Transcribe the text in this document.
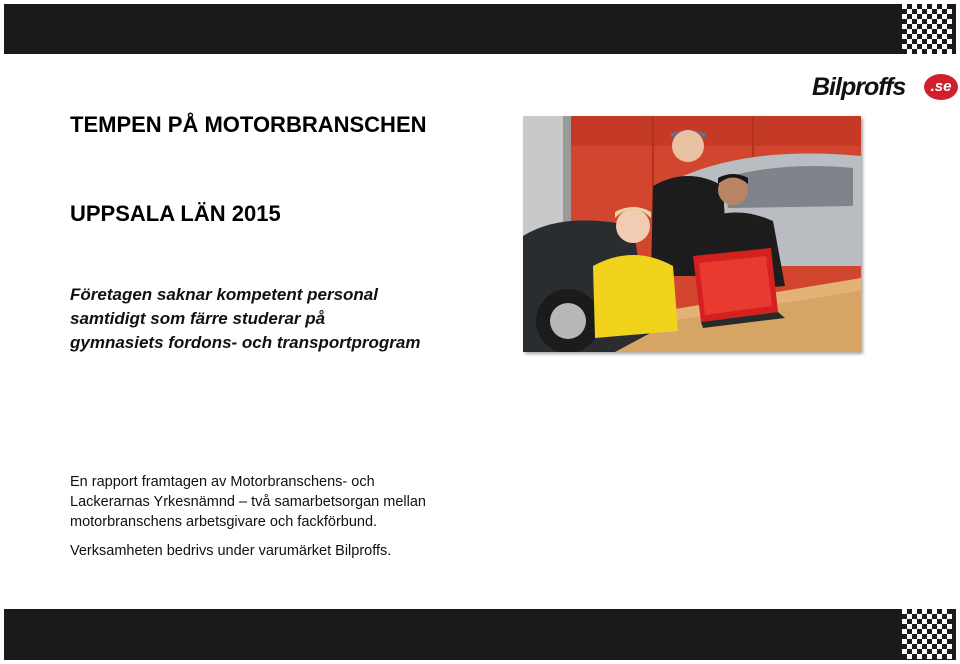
Bilproffs	.se
TEMPEN PÅ MOTORBRANSCHEN
UPPSALA LÄN 2015
Företagen saknar kompetent personal
samtidigt som färre studerar på
gymnasiets fordons- och transportprogram
En rapport framtagen av Motorbranschens- och
Lackerarnas Yrkesnämnd – två samarbetsorgan mellan
motorbranschens arbetsgivare och fackförbund.
Verksamheten bedrivs under varumärket Bilproffs.
